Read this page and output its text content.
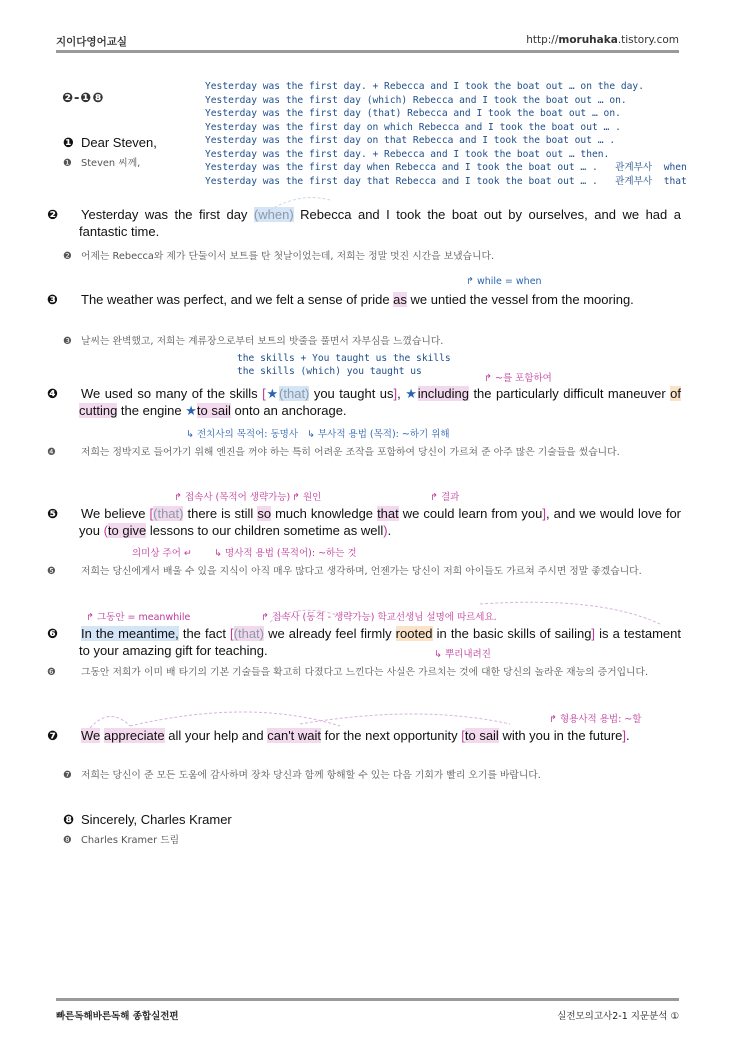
지이다영어교실	http://moruhaka.tistory.com
❷-❶❽
Yesterday was the first day. + Rebecca and I took the boat out … on the day.
Yesterday was the first day (which) Rebecca and I took the boat out … on.
Yesterday was the first day (that) Rebecca and I took the boat out … on.
Yesterday was the first day on which Rebecca and I took the boat out … .
Yesterday was the first day on that Rebecca and I took the boat out … .
Yesterday was the first day. + Rebecca and I took the boat out … then.
Yesterday was the first day when Rebecca and I took the boat out … . 관계부사  when
Yesterday was the first day that Rebecca and I took the boat out … . 관계부사  that
❶ Dear Steven,
❶ Steven 씨께,
❷ Yesterday was the first day (when) Rebecca and I took the boat out by ourselves, and we had a fantastic time.
❷ 어제는 Rebecca와 제가 단둘이서 보트를 탄 첫날이었는데, 저희는 정말 멋진 시간을 보냈습니다.
↱ while = when
❸ The weather was perfect, and we felt a sense of pride as we untied the vessel from the mooring.
❸ 날씨는 완벽했고, 저희는 계류장으로부터 보트의 밧줄을 풀면서 자부심을 느꼈습니다.
the skills + You taught us the skills
the skills (which) you taught us
↱ ~를 포함하여
❹ We used so many of the skills [★(that) you taught us], ★including the particularly difficult maneuver of cutting the engine ★to sail onto an anchorage.
↳ 전치사의 목적어: 동명사 ↳ 부사적 용법 (목적): ~하기 위해
❹	저희는 정박지로 들어가기 위해 엔진을 꺼야 하는 특히 어려운 조작을 포함하여 당신이 가르쳐 준 아주 많은 기술들을 썼습니다.
↱ 접속사 (목적어 생략가능) ↱ 원인	↱ 결과
❺ We believe [(that) there is still so much knowledge that we could learn from you], and we would love for you (to give lessons to our children sometime as well).
의미상 주어 ↵ ↳ 명사적 용법 (목적어): ~하는 것
❺	저희는 당신에게서 배울 수 있을 지식이 아직 매우 많다고 생각하며, 언젠가는 당신이 저희 아이들도 가르쳐 주시면 정말 좋겠습니다.
↱ 그동안 = meanwhile	↱ 접속사 (동격 - 생략가능) 학교선생님 설명에 따르세요.
❻ In the meantime, the fact [(that) we already feel firmly rooted in the basic skills of sailing] is a testament to your amazing gift for teaching.	↳ 뿌리내려진
❻	그동안 저희가 이미 배 타기의 기본 기술들을 확고히 다졌다고 느낀다는 사실은 가르치는 것에 대한 당신의 놀라운 재능의 증거입니다.
↱ 형용사적 용법: ~할
❼ We appreciate all your help and can't wait for the next opportunity [to sail with you in the future].
❼ 저희는 당신이 준 모든 도움에 감사하며 장차 당신과 함께 항해할 수 있는 다음 기회가 빨리 오기를 바랍니다.
❽ Sincerely, Charles Kramer
❽ Charles Kramer 드림
빠른독해바른독해 종합실전편	실전모의고사2-1 지문분석 ①
